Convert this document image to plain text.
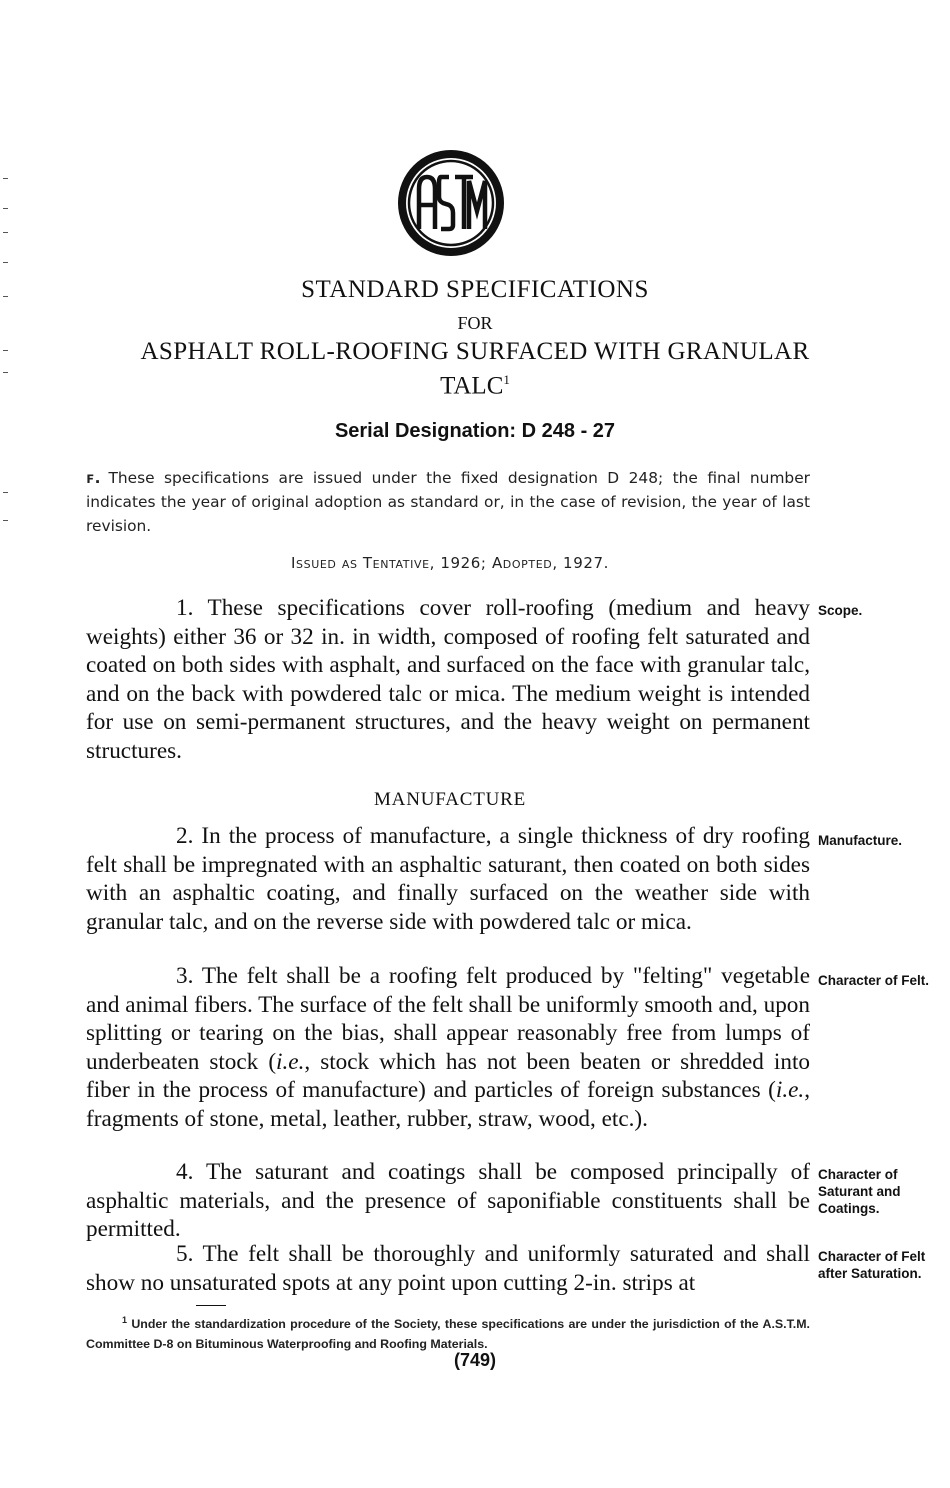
STANDARD SPECIFICATIONS
FOR
ASPHALT ROLL-ROOFING SURFACED WITH GRANULAR
TALC$^1$
Serial Designation: D 248 - 27
ꜰ. These specifications are issued under the fixed designation D 248; the final number indicates the year of original adoption as standard or, in the case of revision, the year of last revision.
Issued as Tentative, 1926; Adopted, 1927.
1. These specifications cover roll-roofing (medium and heavy weights) either 36 or 32 in. in width, composed of roofing felt saturated and coated on both sides with asphalt, and surfaced on the face with granular talc, and on the back with powdered talc or mica. The medium weight is intended for use on semi-permanent structures, and the heavy weight on permanent structures.
Scope.
MANUFACTURE
2. In the process of manufacture, a single thickness of dry roofing felt shall be impregnated with an asphaltic saturant, then coated on both sides with an asphaltic coating, and finally surfaced on the weather side with granular talc, and on the reverse side with powdered talc or mica.
Manufacture.
3. The felt shall be a roofing felt produced by "felting" vegetable and animal fibers. The surface of the felt shall be uniformly smooth and, upon splitting or tearing on the bias, shall appear reasonably free from lumps of underbeaten stock (i.e., stock which has not been beaten or shredded into fiber in the process of manufacture) and particles of foreign substances (i.e., fragments of stone, metal, leather, rubber, straw, wood, etc.).
Character of Felt.
4. The saturant and coatings shall be composed principally of asphaltic materials, and the presence of saponifiable constituents shall be permitted.
Character of Saturant and Coatings.
5. The felt shall be thoroughly and uniformly saturated and shall show no unsaturated spots at any point upon cutting 2-in. strips at
Character of Felt after Saturation.
$^1$ Under the standardization procedure of the Society, these specifications are under the jurisdiction of the A.S.T.M. Committee D-8 on Bituminous Waterproofing and Roofing Materials.
(749)
